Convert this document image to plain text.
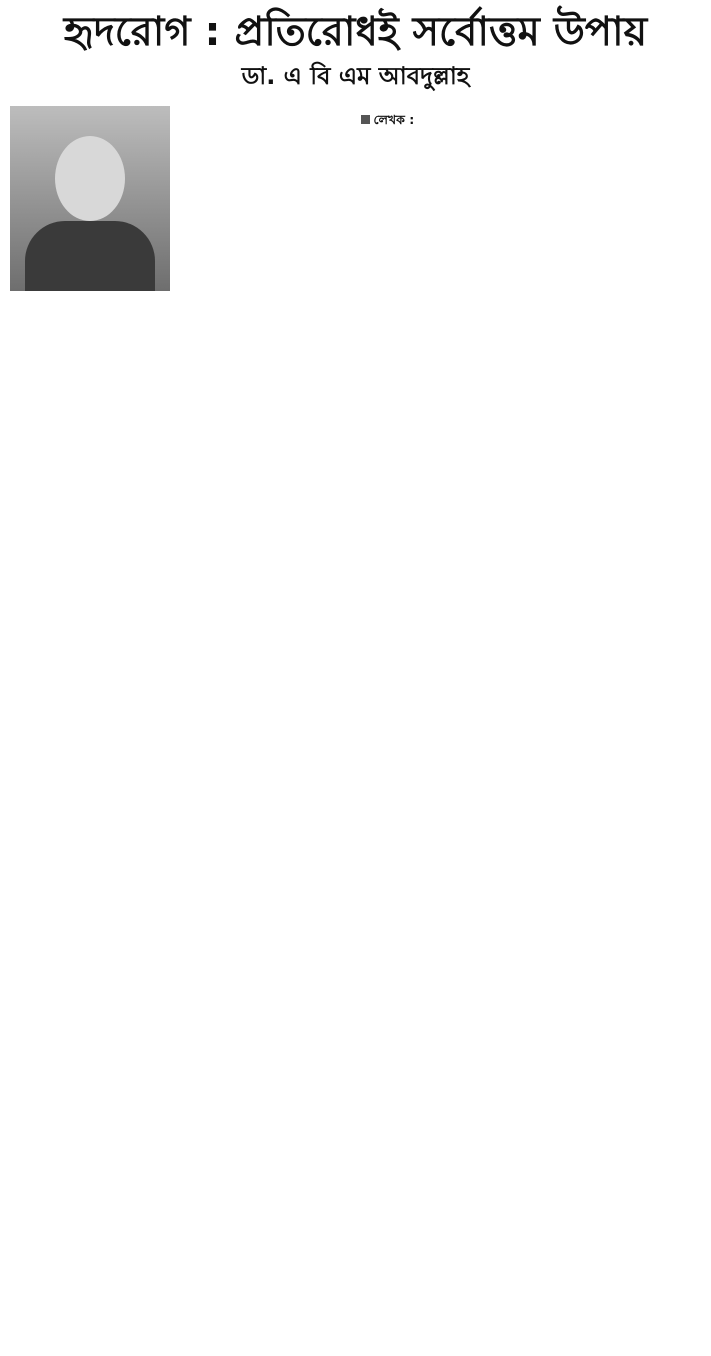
হৃদরোগ : প্রতিরোধই সর্বোত্তম উপায়
ডা. এ বি এম আবদুল্লাহ

লেখক :
